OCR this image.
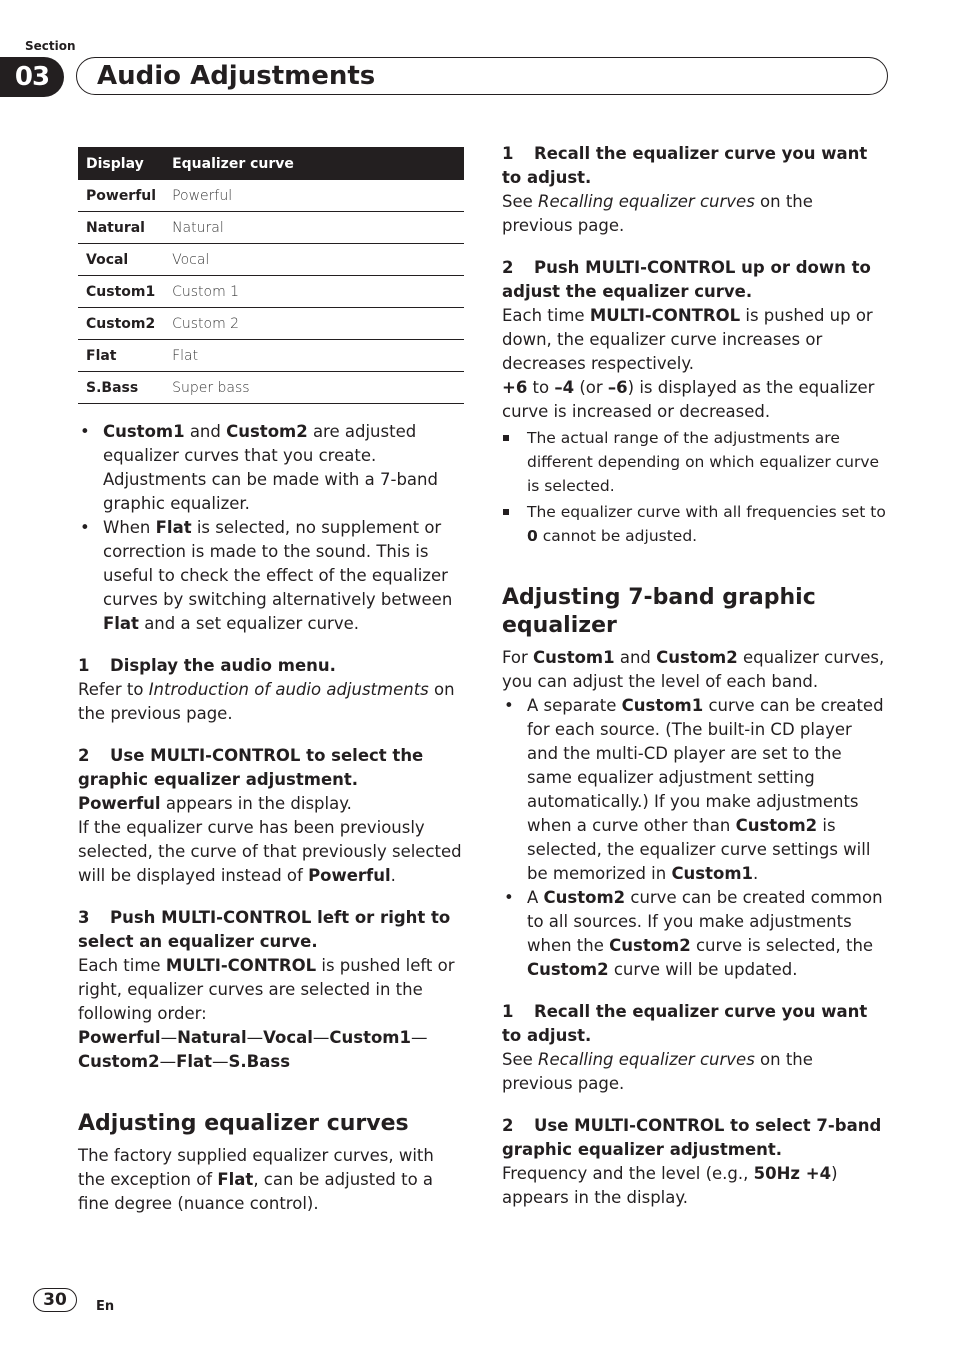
Section
03	Audio Adjustments
Display	Equalizer curve
Powerful	Powerful
Natural	Natural
Vocal	Vocal
Custom1	Custom 1
Custom2	Custom 2
Flat	Flat
S.Bass	Super bass
• Custom1 and Custom2 are adjusted equalizer curves that you create. Adjustments can be made with a 7-band graphic equalizer.
• When Flat is selected, no supplement or correction is made to the sound. This is useful to check the effect of the equalizer curves by switching alternatively between Flat and a set equalizer curve.
1 Display the audio menu.

Refer to Introduction of audio adjustments on the previous page.

2 Use MULTI-CONTROL to select the graphic equalizer adjustment.

Powerful appears in the display.

If the equalizer curve has been previously selected, the curve of that previously selected will be displayed instead of Powerful.

3 Push MULTI-CONTROL left or right to select an equalizer curve.

Each time MULTI-CONTROL is pushed left or right, equalizer curves are selected in the following order:

Powerful—Natural—Vocal—Custom1—Custom2—Flat—S.Bass

Adjusting equalizer curves

The factory supplied equalizer curves, with the exception of Flat, can be adjusted to a fine degree (nuance control).

1 Recall the equalizer curve you want to adjust.

See Recalling equalizer curves on the previous page.

2 Push MULTI-CONTROL up or down to adjust the equalizer curve.

Each time MULTI-CONTROL is pushed up or down, the equalizer curve increases or decreases respectively.

+6 to –4 (or –6) is displayed as the equalizer curve is increased or decreased.

The actual range of the adjustments are different depending on which equalizer curve is selected.

The equalizer curve with all frequencies set to 0 cannot be adjusted.

Adjusting 7-band graphic equalizer

For Custom1 and Custom2 equalizer curves, you can adjust the level of each band.

• A separate Custom1 curve can be created for each source. (The built-in CD player and the multi-CD player are set to the same equalizer adjustment setting automatically.) If you make adjustments when a curve other than Custom2 is selected, the equalizer curve settings will be memorized in Custom1.
• A Custom2 curve can be created common to all sources. If you make adjustments when the Custom2 curve is selected, the Custom2 curve will be updated.
1 Recall the equalizer curve you want to adjust.

See Recalling equalizer curves on the previous page.

2 Use MULTI-CONTROL to select 7-band graphic equalizer adjustment.

Frequency and the level (e.g., 50Hz +4) appears in the display.

30	En
